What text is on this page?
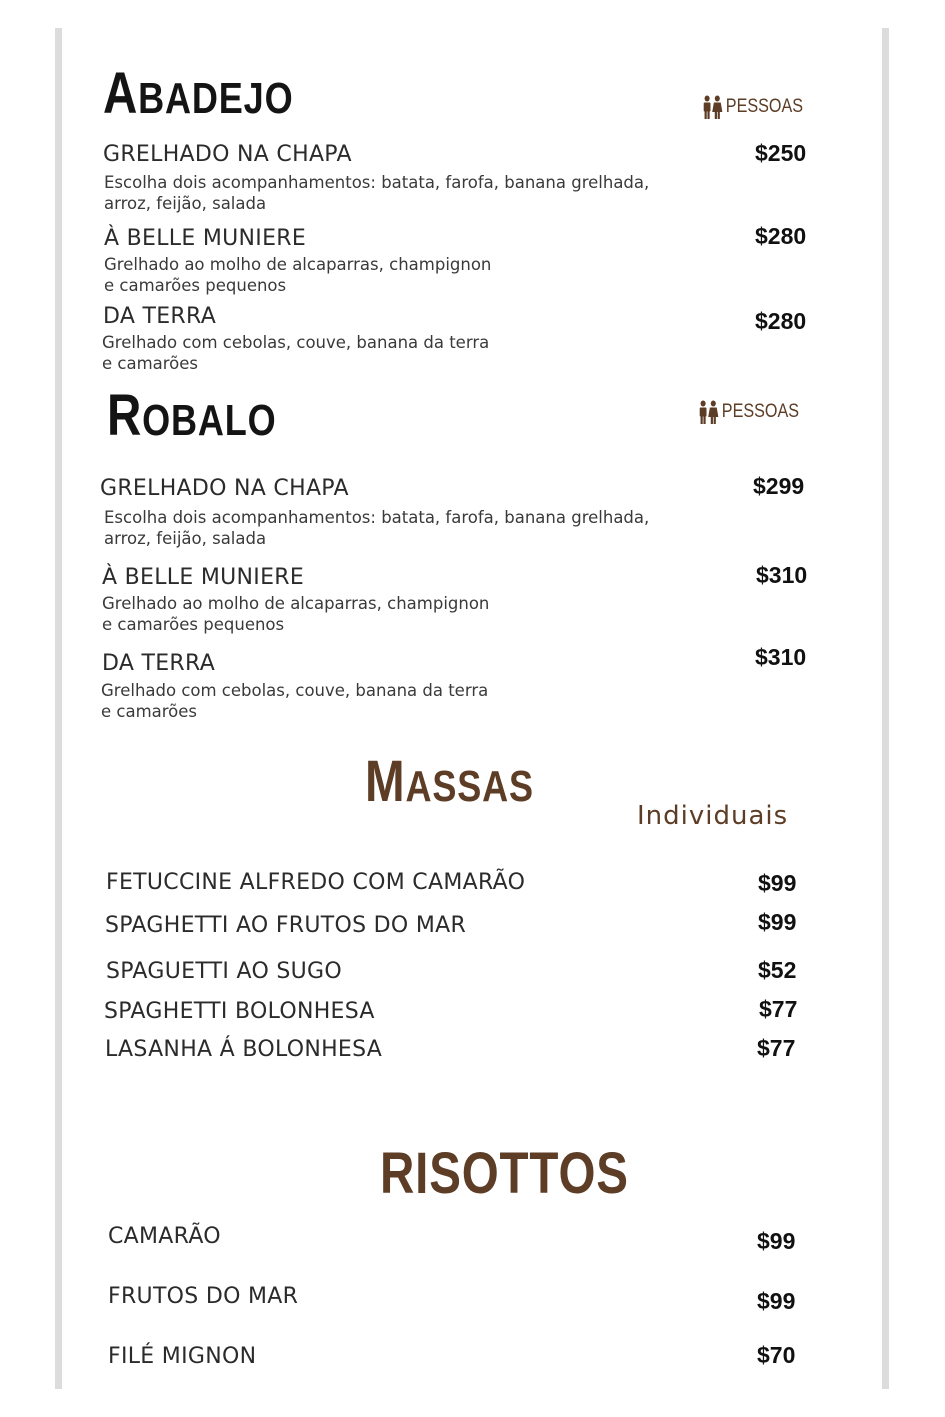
ABADEJO	PESSOAS
GRELHADO NA CHAPA	$250
Escolha dois acompanhamentos: batata, farofa, banana grelhada,
arroz, feijão, salada
À BELLE MUNIERE	$280
Grelhado ao molho de alcaparras, champignon
e camarões pequenos
DA TERRA	$280
Grelhado com cebolas, couve, banana da terra
e camarões
ROBALO	PESSOAS
GRELHADO NA CHAPA	$299
Escolha dois acompanhamentos: batata, farofa, banana grelhada,
arroz, feijão, salada
À BELLE MUNIERE	$310
Grelhado ao molho de alcaparras, champignon
e camarões pequenos
DA TERRA	$310
Grelhado com cebolas, couve, banana da terra
e camarões
MASSAS
Individuais
FETUCCINE ALFREDO COM CAMARÃO	$99
SPAGHETTI AO FRUTOS DO MAR	$99
SPAGUETTI AO SUGO	$52
SPAGHETTI BOLONHESA	$77
LASANHA Á BOLONHESA	$77
RISOTTOS
CAMARÃO	$99
FRUTOS DO MAR	$99
FILÉ MIGNON	$70
